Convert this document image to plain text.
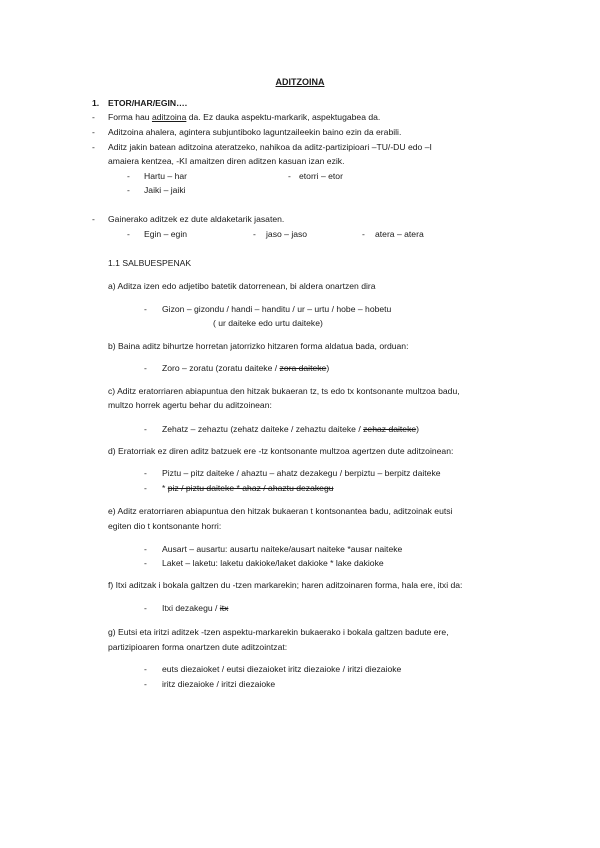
ADITZOINA
1. ETOR/HAR/EGIN….
- Forma hau aditzoina da. Ez dauka aspektu-markarik, aspektugabea da.
- Aditzoina ahalera, agintera subjuntiboko laguntzaileekin baino ezin da erabili.
- Aditz jakin batean aditzoina ateratzeko, nahikoa da aditz-partizipioari –TU/-DU edo –I
amaiera kentzea, -KI amaitzen diren aditzen kasuan izan ezik.
- Hartu – har	- etorri – etor
- Jaiki – jaiki
- Gainerako aditzek ez dute aldaketarik jasaten.
- Egin – egin	- jaso – jaso	- atera – atera
1.1 SALBUESPENAK
a) Aditza izen edo adjetibo batetik datorrenean, bi aldera onartzen dira
- Gizon – gizondu / handi – handitu / ur – urtu / hobe – hobetu
( ur daiteke edo urtu daiteke)
b) Baina aditz bihurtze horretan jatorrizko hitzaren forma aldatua bada, orduan:
- Zoro – zoratu (zoratu daiteke / zora daiteke)
c) Aditz eratorriaren abiapuntua den hitzak bukaeran tz, ts edo tx kontsonante multzoa badu,
multzo horrek agertu behar du aditzoinean:
- Zehatz – zehaztu (zehatz daiteke / zehaztu daiteke / zehaz daiteke)
d) Eratorriak ez diren aditz batzuek ere -tz kontsonante multzoa agertzen dute aditzoinean:
- Piztu – pitz daiteke / ahaztu – ahatz dezakegu / berpiztu – berpitz daiteke
- * piz / piztu daiteke * ahaz / ahaztu dezakegu
e) Aditz eratorriaren abiapuntua den hitzak bukaeran t kontsonantea badu, aditzoinak eutsi
egiten dio t kontsonante horri:
- Ausart – ausartu: ausartu naiteke/ausart naiteke *ausar naiteke
- Laket – laketu: laketu dakioke/laket dakioke * lake dakioke
f) Itxi aditzak i bokala galtzen du -tzen markarekin; haren aditzoinaren forma, hala ere, itxi da:
- Itxi dezakegu / itx
g) Eutsi eta iritzi aditzek -tzen aspektu-markarekin bukaerako i bokala galtzen badute ere,
partizipioaren forma onartzen dute aditzointzat:
- euts diezaioket / eutsi diezaioket iritz diezaioke / iritzi diezaioke
- iritz diezaioke / iritzi diezaioke
